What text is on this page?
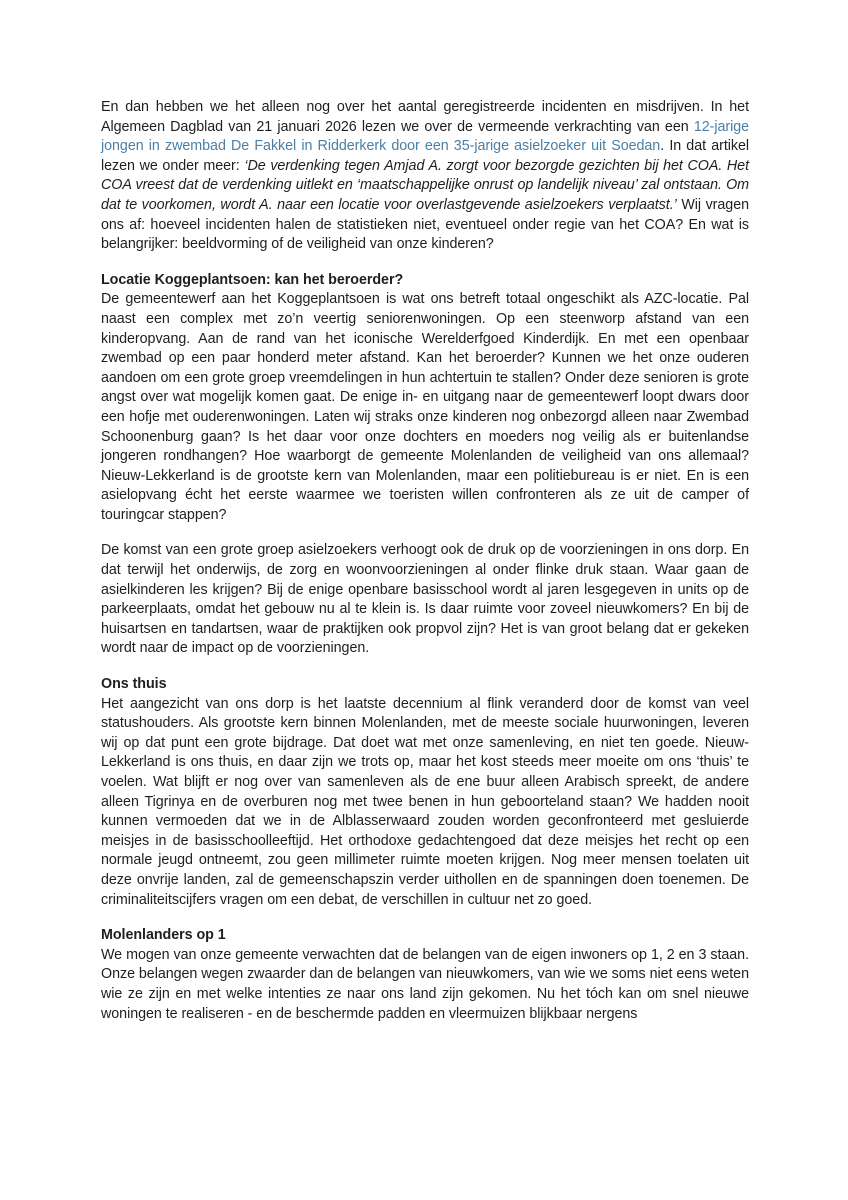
En dan hebben we het alleen nog over het aantal geregistreerde incidenten en misdrijven. In het Algemeen Dagblad van 21 januari 2026 lezen we over de vermeende verkrachting van een 12-jarige jongen in zwembad De Fakkel in Ridderkerk door een 35-jarige asielzoeker uit Soedan. In dat artikel lezen we onder meer: ‘De verdenking tegen Amjad A. zorgt voor bezorgde gezichten bij het COA. Het COA vreest dat de verdenking uitlekt en ‘maatschappelijke onrust op landelijk niveau’ zal ontstaan. Om dat te voorkomen, wordt A. naar een locatie voor overlastgevende asielzoekers verplaatst.’ Wij vragen ons af: hoeveel incidenten halen de statistieken niet, eventueel onder regie van het COA? En wat is belangrijker: beeldvorming of de veiligheid van onze kinderen?

Locatie Koggeplantsoen: kan het beroerder?

De gemeentewerf aan het Koggeplantsoen is wat ons betreft totaal ongeschikt als AZC-locatie. Pal naast een complex met zo’n veertig seniorenwoningen. Op een steenworp afstand van een kinderopvang. Aan de rand van het iconische Werelderfgoed Kinderdijk. En met een openbaar zwembad op een paar honderd meter afstand. Kan het beroerder? Kunnen we het onze ouderen aandoen om een grote groep vreemdelingen in hun achtertuin te stallen? Onder deze senioren is grote angst over wat mogelijk komen gaat. De enige in- en uitgang naar de gemeentewerf loopt dwars door een hofje met ouderenwoningen. Laten wij straks onze kinderen nog onbezorgd alleen naar Zwembad Schoonenburg gaan? Is het daar voor onze dochters en moeders nog veilig als er buitenlandse jongeren rondhangen? Hoe waarborgt de gemeente Molenlanden de veiligheid van ons allemaal? Nieuw-Lekkerland is de grootste kern van Molenlanden, maar een politiebureau is er niet. En is een asielopvang écht het eerste waarmee we toeristen willen confronteren als ze uit de camper of touringcar stappen?

De komst van een grote groep asielzoekers verhoogt ook de druk op de voorzieningen in ons dorp. En dat terwijl het onderwijs, de zorg en woonvoorzieningen al onder flinke druk staan. Waar gaan de asielkinderen les krijgen? Bij de enige openbare basisschool wordt al jaren lesgegeven in units op de parkeerplaats, omdat het gebouw nu al te klein is. Is daar ruimte voor zoveel nieuwkomers? En bij de huisartsen en tandartsen, waar de praktijken ook propvol zijn? Het is van groot belang dat er gekeken wordt naar de impact op de voorzieningen.

Ons thuis

Het aangezicht van ons dorp is het laatste decennium al flink veranderd door de komst van veel statushouders. Als grootste kern binnen Molenlanden, met de meeste sociale huurwoningen, leveren wij op dat punt een grote bijdrage. Dat doet wat met onze samenleving, en niet ten goede. Nieuw-Lekkerland is ons thuis, en daar zijn we trots op, maar het kost steeds meer moeite om ons ‘thuis’ te voelen. Wat blijft er nog over van samenleven als de ene buur alleen Arabisch spreekt, de andere alleen Tigrinya en de overburen nog met twee benen in hun geboorteland staan? We hadden nooit kunnen vermoeden dat we in de Alblasserwaard zouden worden geconfronteerd met gesluierde meisjes in de basisschoolleeftijd. Het orthodoxe gedachtengoed dat deze meisjes het recht op een normale jeugd ontneemt, zou geen millimeter ruimte moeten krijgen. Nog meer mensen toelaten uit deze onvrije landen, zal de gemeenschapszin verder uithollen en de spanningen doen toenemen. De criminaliteitscijfers vragen om een debat, de verschillen in cultuur net zo goed.

Molenlanders op 1

We mogen van onze gemeente verwachten dat de belangen van de eigen inwoners op 1, 2 en 3 staan. Onze belangen wegen zwaarder dan de belangen van nieuwkomers, van wie we soms niet eens weten wie ze zijn en met welke intenties ze naar ons land zijn gekomen. Nu het tóch kan om snel nieuwe woningen te realiseren - en de beschermde padden en vleermuizen blijkbaar nergens
